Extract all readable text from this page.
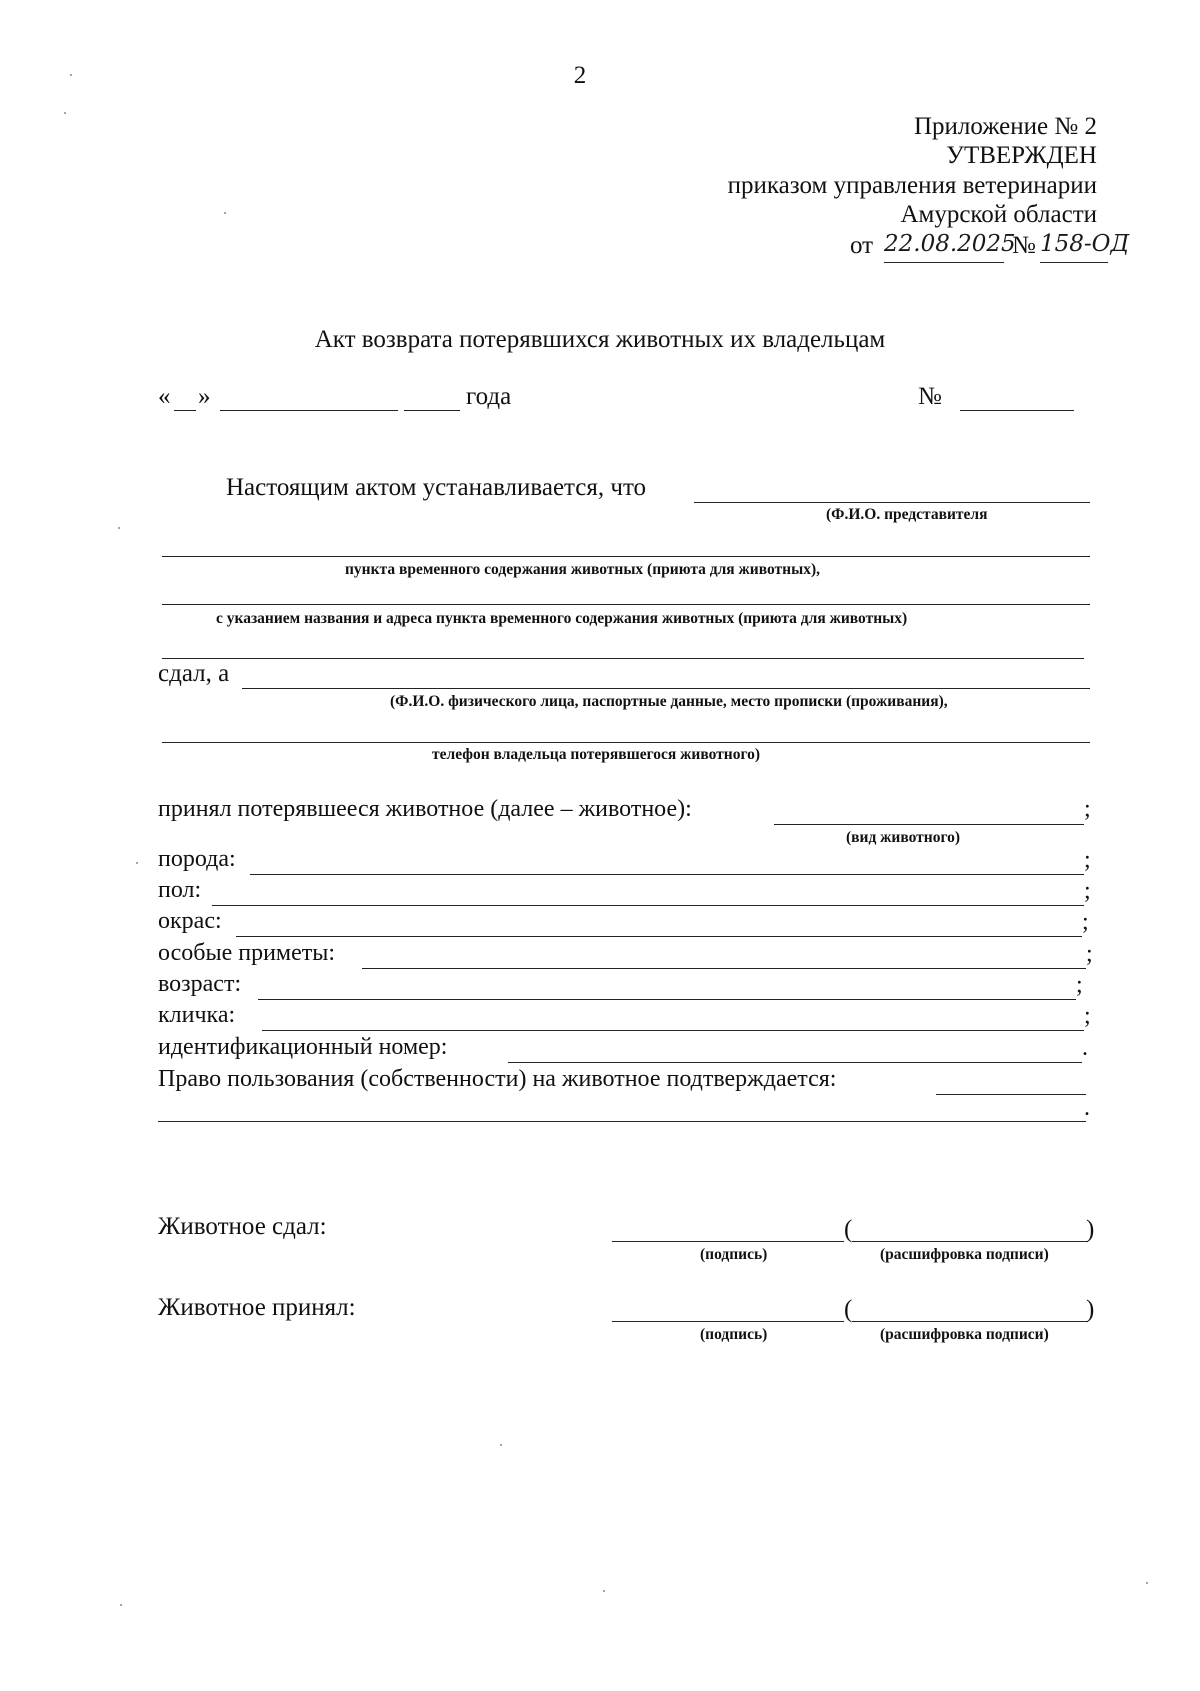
2
Приложение № 2
УТВЕРЖДЕН
приказом управления ветеринарии
Амурской области
от 22.08.2025
№ 158-ОД
Акт возврата потерявшихся животных их владельцам
« »	года	№
Настоящим актом устанавливается, что
(Ф.И.О. представителя
пункта временного содержания животных (приюта для животных),
с указанием названия и адреса пункта временного содержания животных (приюта для животных)
сдал, а
(Ф.И.О. физического лица, паспортные данные, место прописки (проживания),
телефон владельца потерявшегося животного)
принял потерявшееся животное (далее – животное):	;
(вид животного)
порода:	;
пол:	;
окрас:	;
особые приметы:	;
возраст:	;
кличка:	;
идентификационный номер:	.
Право пользования (собственности) на животное подтверждается:
.
Животное сдал:	(	)
(подпись)	(расшифровка подписи)
Животное принял:	(	)
(подпись)	(расшифровка подписи)
